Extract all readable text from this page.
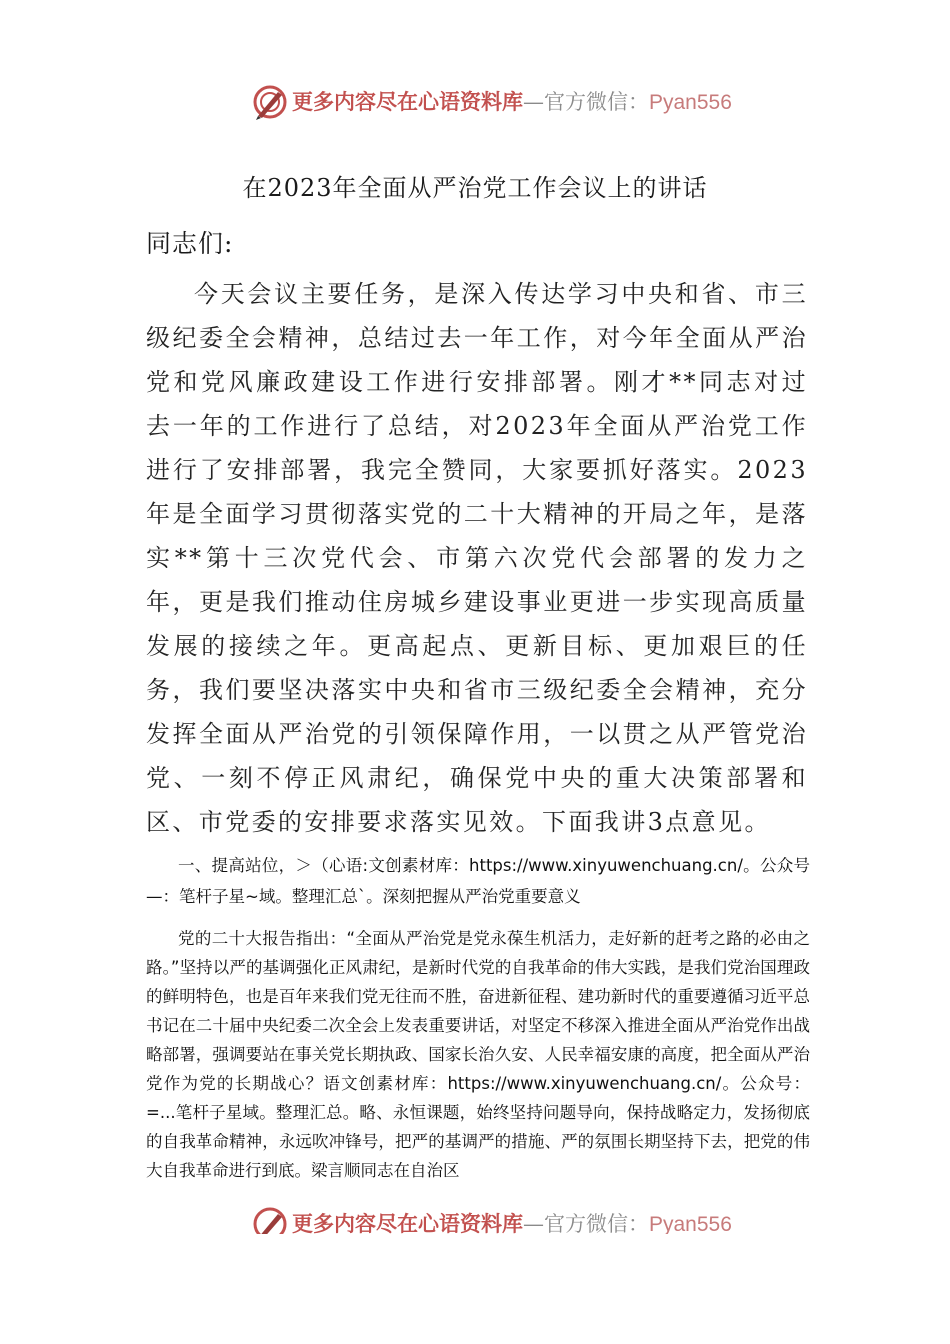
更多内容尽在心语资料库—官方微信：Pyan556
在2023年全面从严治党工作会议上的讲话
同志们:
今天会议主要任务，是深入传达学习中央和省、市三级纪委全会精神，总结过去一年工作，对今年全面从严治党和党风廉政建设工作进行安排部署。刚才**同志对过去一年的工作进行了总结，对2023年全面从严治党工作进行了安排部署，我完全赞同，大家要抓好落实。2023年是全面学习贯彻落实党的二十大精神的开局之年，是落实**第十三次党代会、市第六次党代会部署的发力之年，更是我们推动住房城乡建设事业更进一步实现高质量发展的接续之年。更高起点、更新目标、更加艰巨的任务，我们要坚决落实中央和省市三级纪委全会精神，充分发挥全面从严治党的引领保障作用，一以贯之从严管党治党、一刻不停正风肃纪，确保党中央的重大决策部署和区、市党委的安排要求落实见效。下面我讲3点意见。
一、提高站位，＞（心语:文创素材库：https://www.xinyuwenchuang.cn/。公众号—：笔杆子星~域。整理汇总`。深刻把握从严治党重要意义
党的二十大报告指出：“全面从严治党是党永葆生机活力，走好新的赶考之路的必由之路。”坚持以严的基调强化正风肃纪，是新时代党的自我革命的伟大实践，是我们党治国理政的鲜明特色，也是百年来我们党无往而不胜，奋进新征程、建功新时代的重要遵循习近平总书记在二十届中央纪委二次全会上发表重要讲话，对坚定不移深入推进全面从严治党作出战略部署，强调要站在事关党长期执政、国家长治久安、人民幸福安康的高度，把全面从严治党作为党的长期战心？语文创素材库：https://www.xinyuwenchuang.cn/。公众号：=...笔杆子星域。整理汇总。略、永恒课题，始终坚持问题导向，保持战略定力，发扬彻底的自我革命精神，永远吹冲锋号，把严的基调严的措施、严的氛围长期坚持下去，把党的伟大自我革命进行到底。梁言顺同志在自治区
更多内容尽在心语资料库—官方微信：Pyan556
